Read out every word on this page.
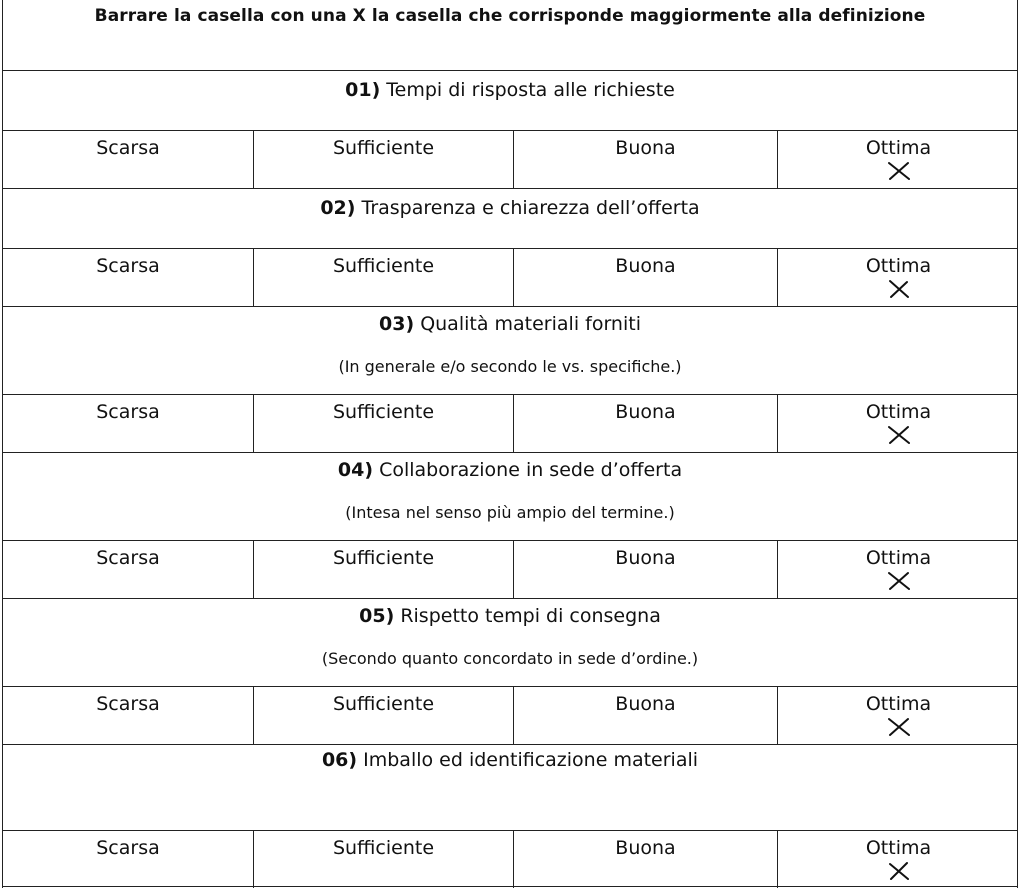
Barrare la casella con una X la casella che corrisponde maggiormente alla definizione
01) Tempi di risposta alle richieste
Scarsa	Sufficiente	Buona	Ottima
02) Trasparenza e chiarezza dell’offerta
Scarsa	Sufficiente	Buona	Ottima
03) Qualità materiali forniti
(In generale e/o secondo le vs. specifiche.)
Scarsa	Sufficiente	Buona	Ottima
04) Collaborazione in sede d’offerta
(Intesa nel senso più ampio del termine.)
Scarsa	Sufficiente	Buona	Ottima
05) Rispetto tempi di consegna
(Secondo quanto concordato in sede d’ordine.)
Scarsa	Sufficiente	Buona	Ottima
06) Imballo ed identificazione materiali
Scarsa	Sufficiente	Buona	Ottima
